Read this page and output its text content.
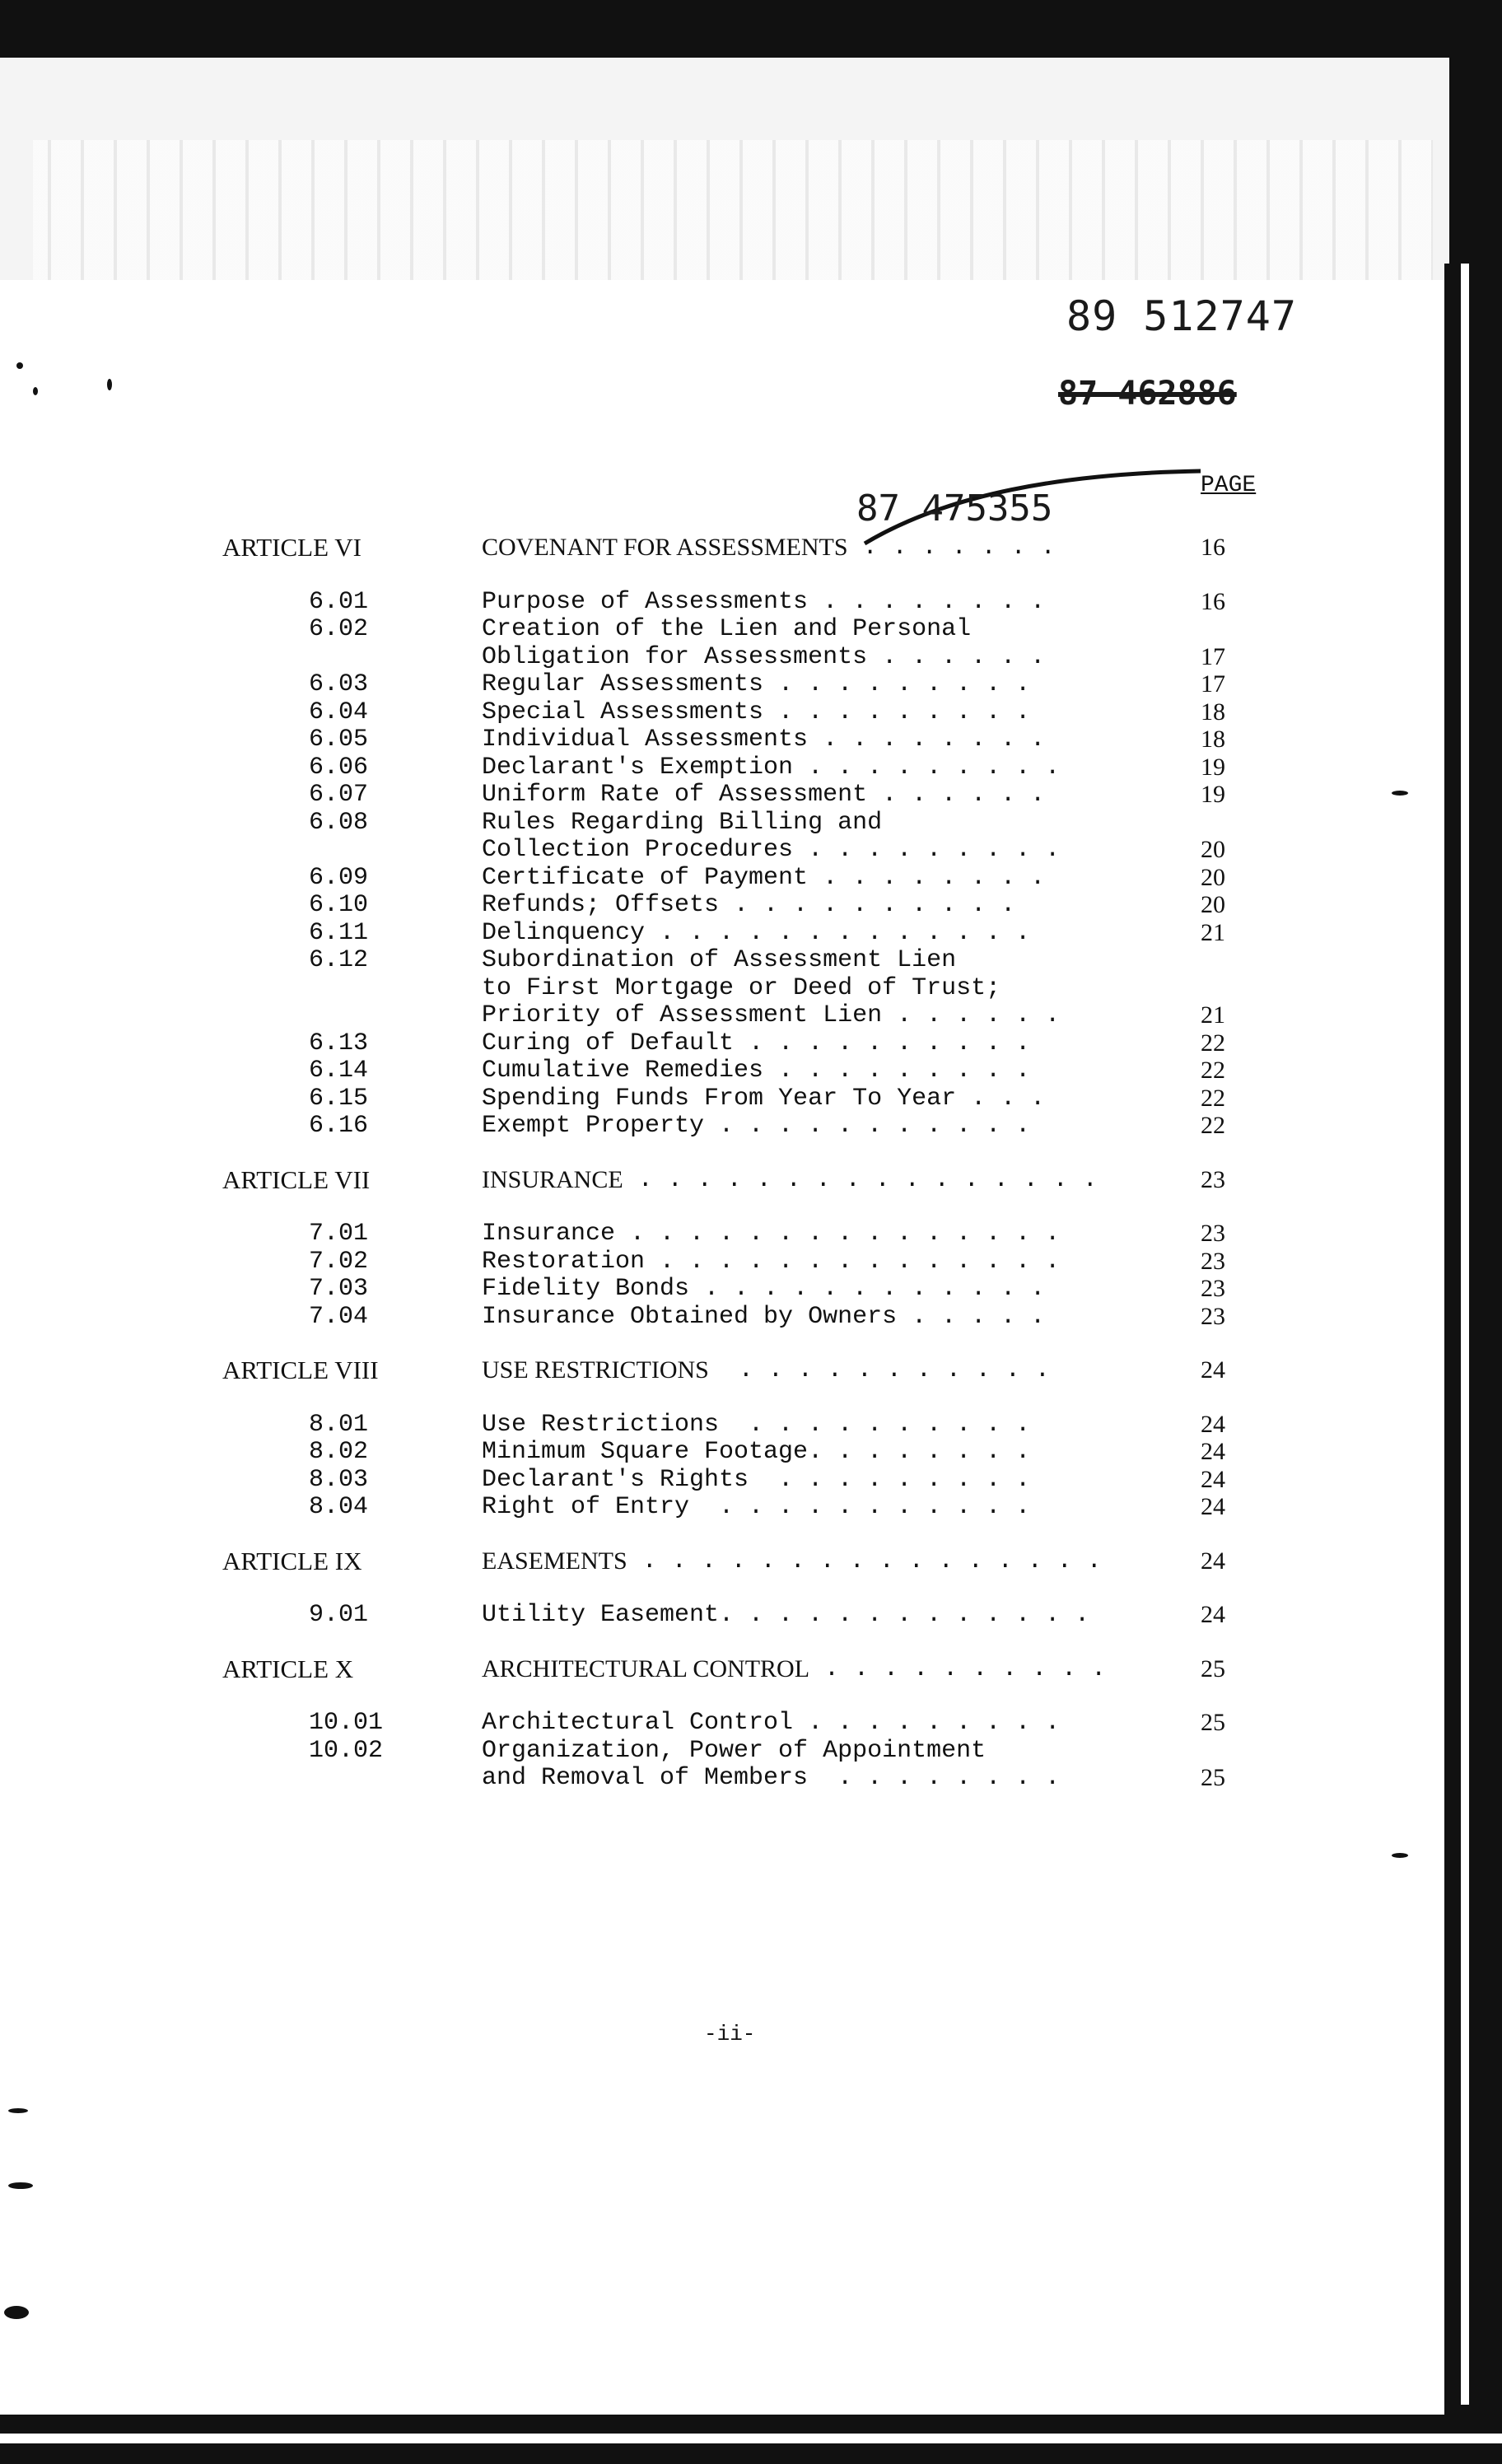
89 512747
87 462886
87 475355
PAGE
ARTICLE VI	COVENANT FOR ASSESSMENTS . . . . . . .	16
6.01	Purpose of Assessments . . . . . . . .	16
6.02	Creation of the Lien and Personal
Obligation for Assessments . . . . . .	17
6.03	Regular Assessments . . . . . . . . .	17
6.04	Special Assessments . . . . . . . . .	18
6.05	Individual Assessments . . . . . . . .	18
6.06	Declarant's Exemption . . . . . . . . .	19
6.07	Uniform Rate of Assessment . . . . . .	19
6.08	Rules Regarding Billing and
Collection Procedures . . . . . . . . .	20
6.09	Certificate of Payment . . . . . . . .	20
6.10	Refunds; Offsets . . . . . . . . . .	20
6.11	Delinquency . . . . . . . . . . . . .	21
6.12	Subordination of Assessment Lien
to First Mortgage or Deed of Trust;
Priority of Assessment Lien . . . . . .	21
6.13	Curing of Default . . . . . . . . . .	22
6.14	Cumulative Remedies . . . . . . . . .	22
6.15	Spending Funds From Year To Year . . .	22
6.16	Exempt Property . . . . . . . . . . .	22
ARTICLE VII	INSURANCE . . . . . . . . . . . . . . . .	23
7.01	Insurance . . . . . . . . . . . . . . .	23
7.02	Restoration . . . . . . . . . . . . . .	23
7.03	Fidelity Bonds . . . . . . . . . . . .	23
7.04	Insurance Obtained by Owners . . . . .	23
ARTICLE VIII	USE RESTRICTIONS . . . . . . . . . . .	24
8.01	Use Restrictions . . . . . . . . . .	24
8.02	Minimum Square Footage . . . . . . . .	24
8.03	Declarant's Rights . . . . . . . . .	24
8.04	Right of Entry . . . . . . . . . . .	24
ARTICLE IX	EASEMENTS . . . . . . . . . . . . . . . .	24
9.01	Utility Easement . . . . . . . . . . . . .	24
ARTICLE X	ARCHITECTURAL CONTROL . . . . . . . . . .	25
10.01	Architectural Control . . . . . . . . .	25
10.02	Organization, Power of Appointment
and Removal of Members . . . . . . . .	25
-ii-
